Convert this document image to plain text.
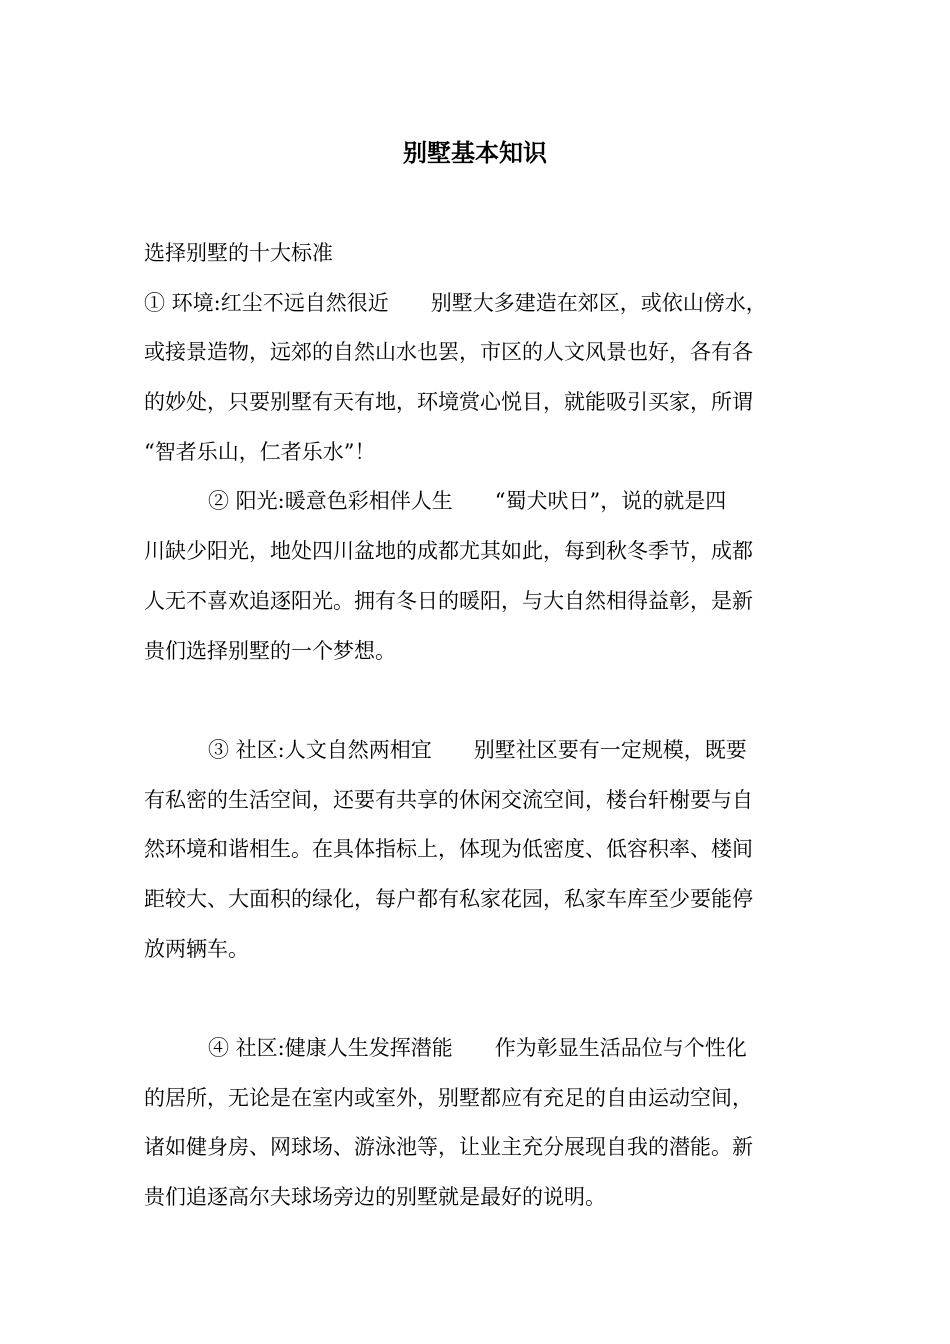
别墅基本知识
选择别墅的十大标准
① 环境:红尘不远自然很近　　别墅大多建造在郊区，或依山傍水，
或接景造物，远郊的自然山水也罢，市区的人文风景也好，各有各
的妙处，只要别墅有天有地，环境赏心悦目，就能吸引买家，所谓
“智者乐山，仁者乐水”！
② 阳光:暖意色彩相伴人生　　“蜀犬吠日”，说的就是四
川缺少阳光，地处四川盆地的成都尤其如此，每到秋冬季节，成都
人无不喜欢追逐阳光。拥有冬日的暖阳，与大自然相得益彰，是新
贵们选择别墅的一个梦想。
③ 社区:人文自然两相宜　　别墅社区要有一定规模，既要
有私密的生活空间，还要有共享的休闲交流空间，楼台轩榭要与自
然环境和谐相生。在具体指标上，体现为低密度、低容积率、楼间
距较大、大面积的绿化，每户都有私家花园，私家车库至少要能停
放两辆车。
④ 社区:健康人生发挥潜能　　作为彰显生活品位与个性化
的居所，无论是在室内或室外，别墅都应有充足的自由运动空间，
诸如健身房、网球场、游泳池等，让业主充分展现自我的潜能。新
贵们追逐高尔夫球场旁边的别墅就是最好的说明。
